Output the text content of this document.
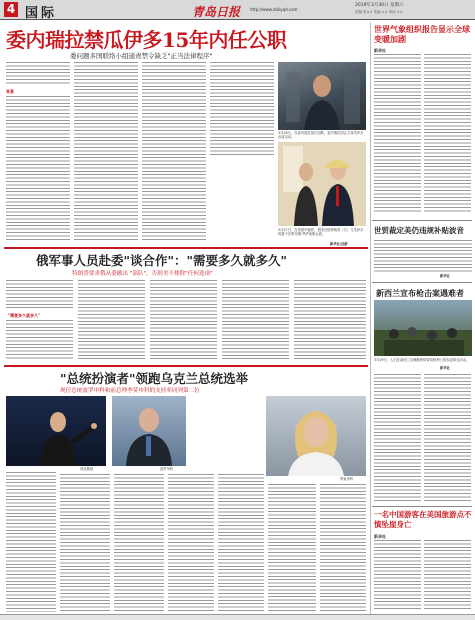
4 国际	青岛日报 http://www.dailyqd.com
2019年3月30日 星期六
责编 张×× 美编 ×× 审读 ××
委内瑞拉禁瓜伊多15年内任公职
委问题多国联络小组通责禁令缺乏"正当法律程序"
背景
3月28日，在委内瑞拉加拉加斯，委内瑞拉国会主席瓜伊多出席活动。
3月27日，在美国华盛顿，美国总统特朗普（右）与瓜伊多的妻子法维安娜·罗萨莱斯会面。
新华社/法新
世界气象组织报告显示全球变暖加剧
新华社
世贸裁定美仍违规补贴波音
新华社
新西兰宣布枪击案遇难者
3月29日，人们在新西兰克赖斯特彻奇哈格利公园参加悼念活动。
新华社
一名中国游客在美国旅游点不慎坠崖身亡
新华社
俄军事人员赴委"谈合作"："需要多久就多久"
特朗普要求俄从委撤出 "部队"，否则美不排除"任何选项"
"需要多久就多久"
"总统扮演者"领跑乌克兰总统选举
现任总统波罗申科和前总理季莫申科的支持率同列第二位
泽连斯基	波罗申科
季莫申科
